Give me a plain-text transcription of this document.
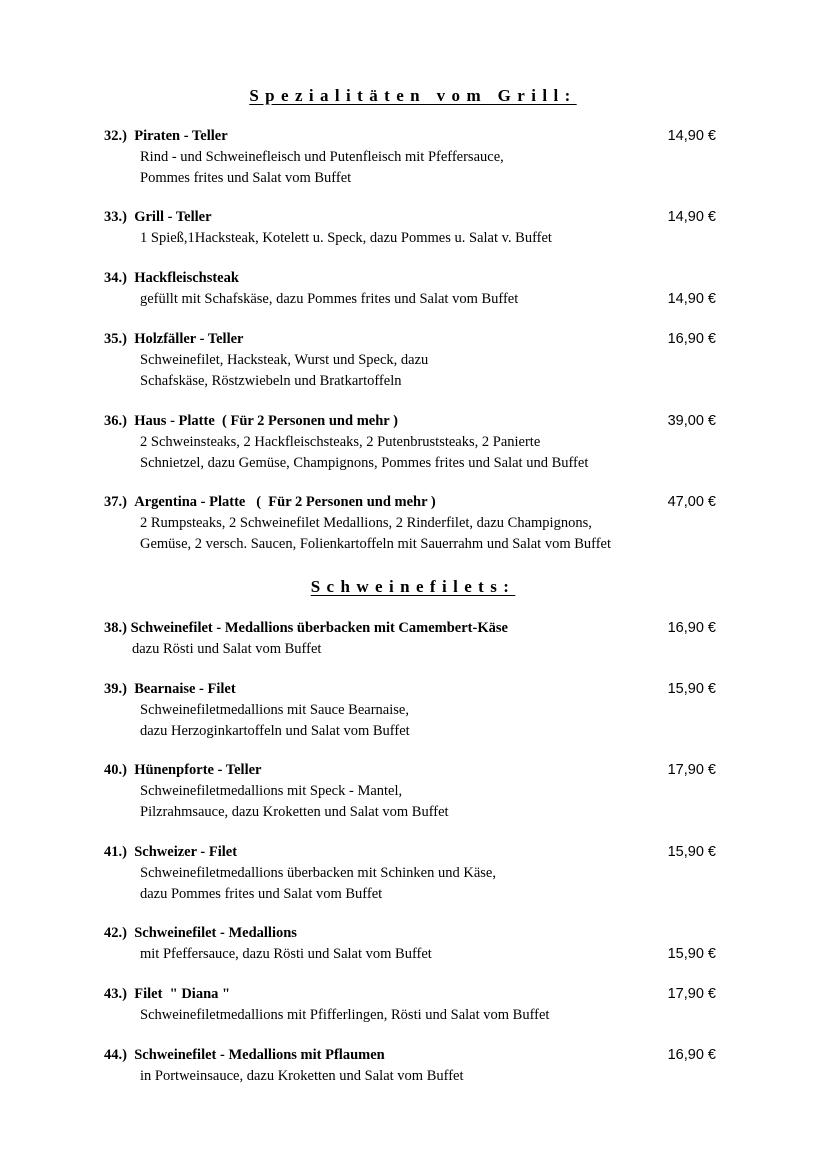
Spezialitäten vom Grill:
32.) Piraten - Teller	14,90 €
Rind - und Schweinefleisch und Putenfleisch mit Pfeffersauce,
Pommes frites und Salat vom Buffet
33.) Grill - Teller	14,90 €
1 Spieß,1Hacksteak, Kotelett u. Speck, dazu Pommes u. Salat v. Buffet
34.) Hackfleischsteak
gefüllt mit Schafskäse, dazu Pommes frites und Salat vom Buffet	14,90 €
35.) Holzfäller - Teller	16,90 €
Schweinefilet, Hacksteak, Wurst und Speck, dazu
Schafskäse, Röstzwiebeln und Bratkartoffeln
36.) Haus - Platte  ( Für 2 Personen und mehr )	39,00 €
2 Schweinsteaks, 2 Hackfleischsteaks, 2 Putenbruststeaks, 2 Panierte
Schnietzel, dazu Gemüse, Champignons, Pommes frites und Salat und Buffet
37.) Argentina - Platte   (  Für 2 Personen und mehr )	47,00 €
2 Rumpsteaks, 2 Schweinefilet Medallions, 2 Rinderfilet, dazu Champignons,
Gemüse, 2 versch. Saucen, Folienkartoffeln mit Sauerrahm und Salat vom Buffet
Schweinefilets:
38.) Schweinefilet - Medallions überbacken mit Camembert-Käse	16,90 €
dazu Rösti und Salat vom Buffet
39.) Bearnaise - Filet	15,90 €
Schweinefiletmedallions mit Sauce Bearnaise,
dazu Herzoginkartoffeln und Salat vom Buffet
40.) Hünenpforte - Teller	17,90 €
Schweinefiletmedallions mit Speck - Mantel,
Pilzrahmsauce, dazu Kroketten und Salat vom Buffet
41.) Schweizer - Filet	15,90 €
Schweinefiletmedallions überbacken mit Schinken und Käse,
dazu Pommes frites und Salat vom Buffet
42.) Schweinefilet - Medallions
mit Pfeffersauce, dazu Rösti und Salat vom Buffet	15,90 €
43.) Filet  " Diana "	17,90 €
Schweinefiletmedallions mit Pfifferlingen, Rösti und Salat vom Buffet
44.) Schweinefilet - Medallions mit Pflaumen	16,90 €
in Portweinsauce, dazu Kroketten und Salat vom Buffet
